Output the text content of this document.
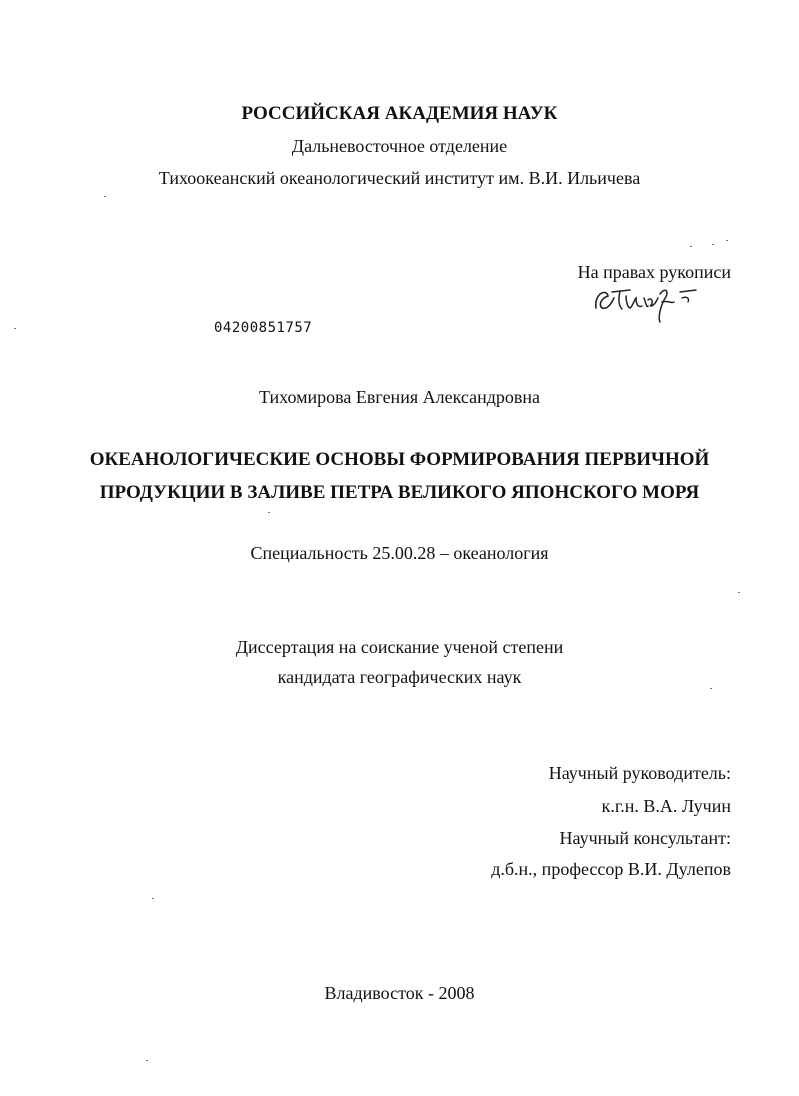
РОССИЙСКАЯ АКАДЕМИЯ НАУК
Дальневосточное отделение
Тихоокеанский океанологический институт им. В.И. Ильичева
На правах рукописи
04200851757
Тихомирова Евгения Александровна
ОКЕАНОЛОГИЧЕСКИЕ ОСНОВЫ ФОРМИРОВАНИЯ ПЕРВИЧНОЙ
ПРОДУКЦИИ В ЗАЛИВЕ ПЕТРА ВЕЛИКОГО ЯПОНСКОГО МОРЯ
Специальность 25.00.28 – океанология
Диссертация на соискание ученой степени
кандидата географических наук
Научный руководитель:
к.г.н. В.А. Лучин
Научный консультант:
д.б.н., профессор В.И. Дулепов
Владивосток - 2008
